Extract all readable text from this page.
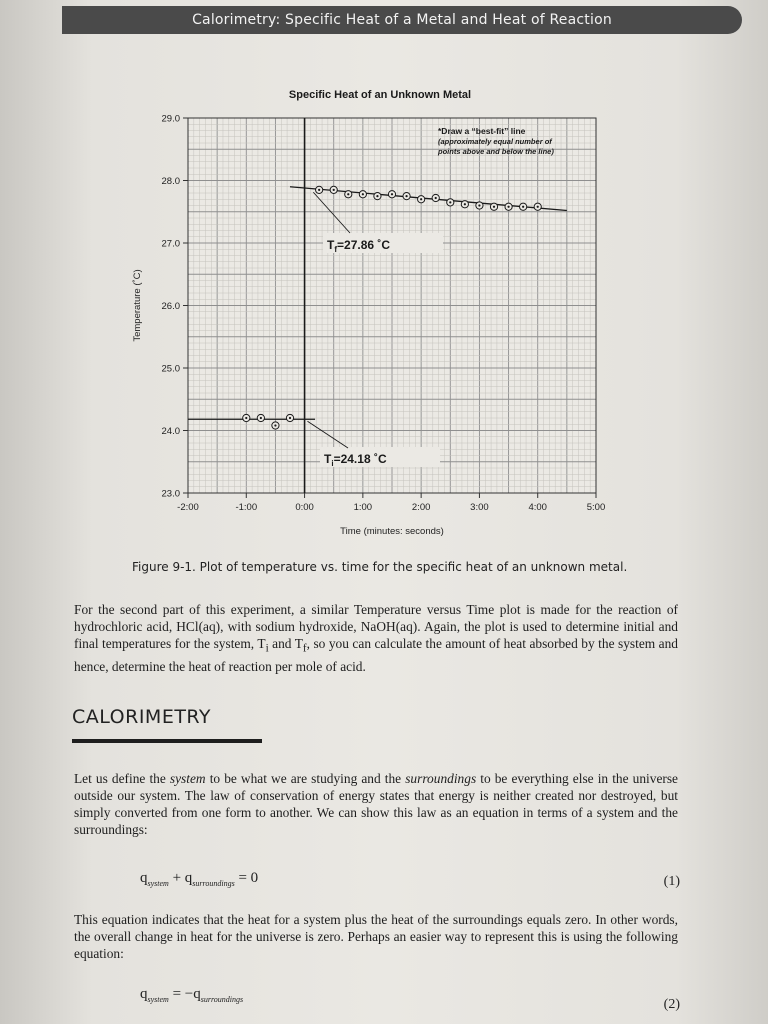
Calorimetry: Specific Heat of a Metal and Heat of Reaction
Specific Heat of an Unknown Metal
23.0
24.0
25.0
26.0
27.0
28.0
29.0
-2:00	-1:00	0:00	1:00	2:00	3:00	4:00	5:00
Time (minutes: seconds)
Temperature (˚C)
*Draw a “best-fit” line
(approximately equal number of
points above and below the line)
$T_f=27.86$ ˚C
$T_i=24.18$ ˚C
Figure 9-1. Plot of temperature vs. time for the specific heat of an unknown metal.
For the second part of this experiment, a similar Temperature versus Time plot is made for the reaction of hydrochloric acid, HCl(aq), with sodium hydroxide, NaOH(aq). Again, the plot is used to determine initial and final temperatures for the system, $T_i$ and $T_f$, so you can calculate the amount of heat absorbed by the system and hence, determine the heat of reaction per mole of acid.
CALORIMETRY
Let us define the system to be what we are studying and the surroundings to be everything else in the universe outside our system. The law of conservation of energy states that energy is neither created nor destroyed, but simply converted from one form to another. We can show this law as an equation in terms of a system and the surroundings:
$q_{system} + q_{surroundings} = 0$	(1)
This equation indicates that the heat for a system plus the heat of the surroundings equals zero. In other words, the overall change in heat for the universe is zero. Perhaps an easier way to represent this is using the following equation:
$q_{system} = -q_{surroundings}$	(2)
